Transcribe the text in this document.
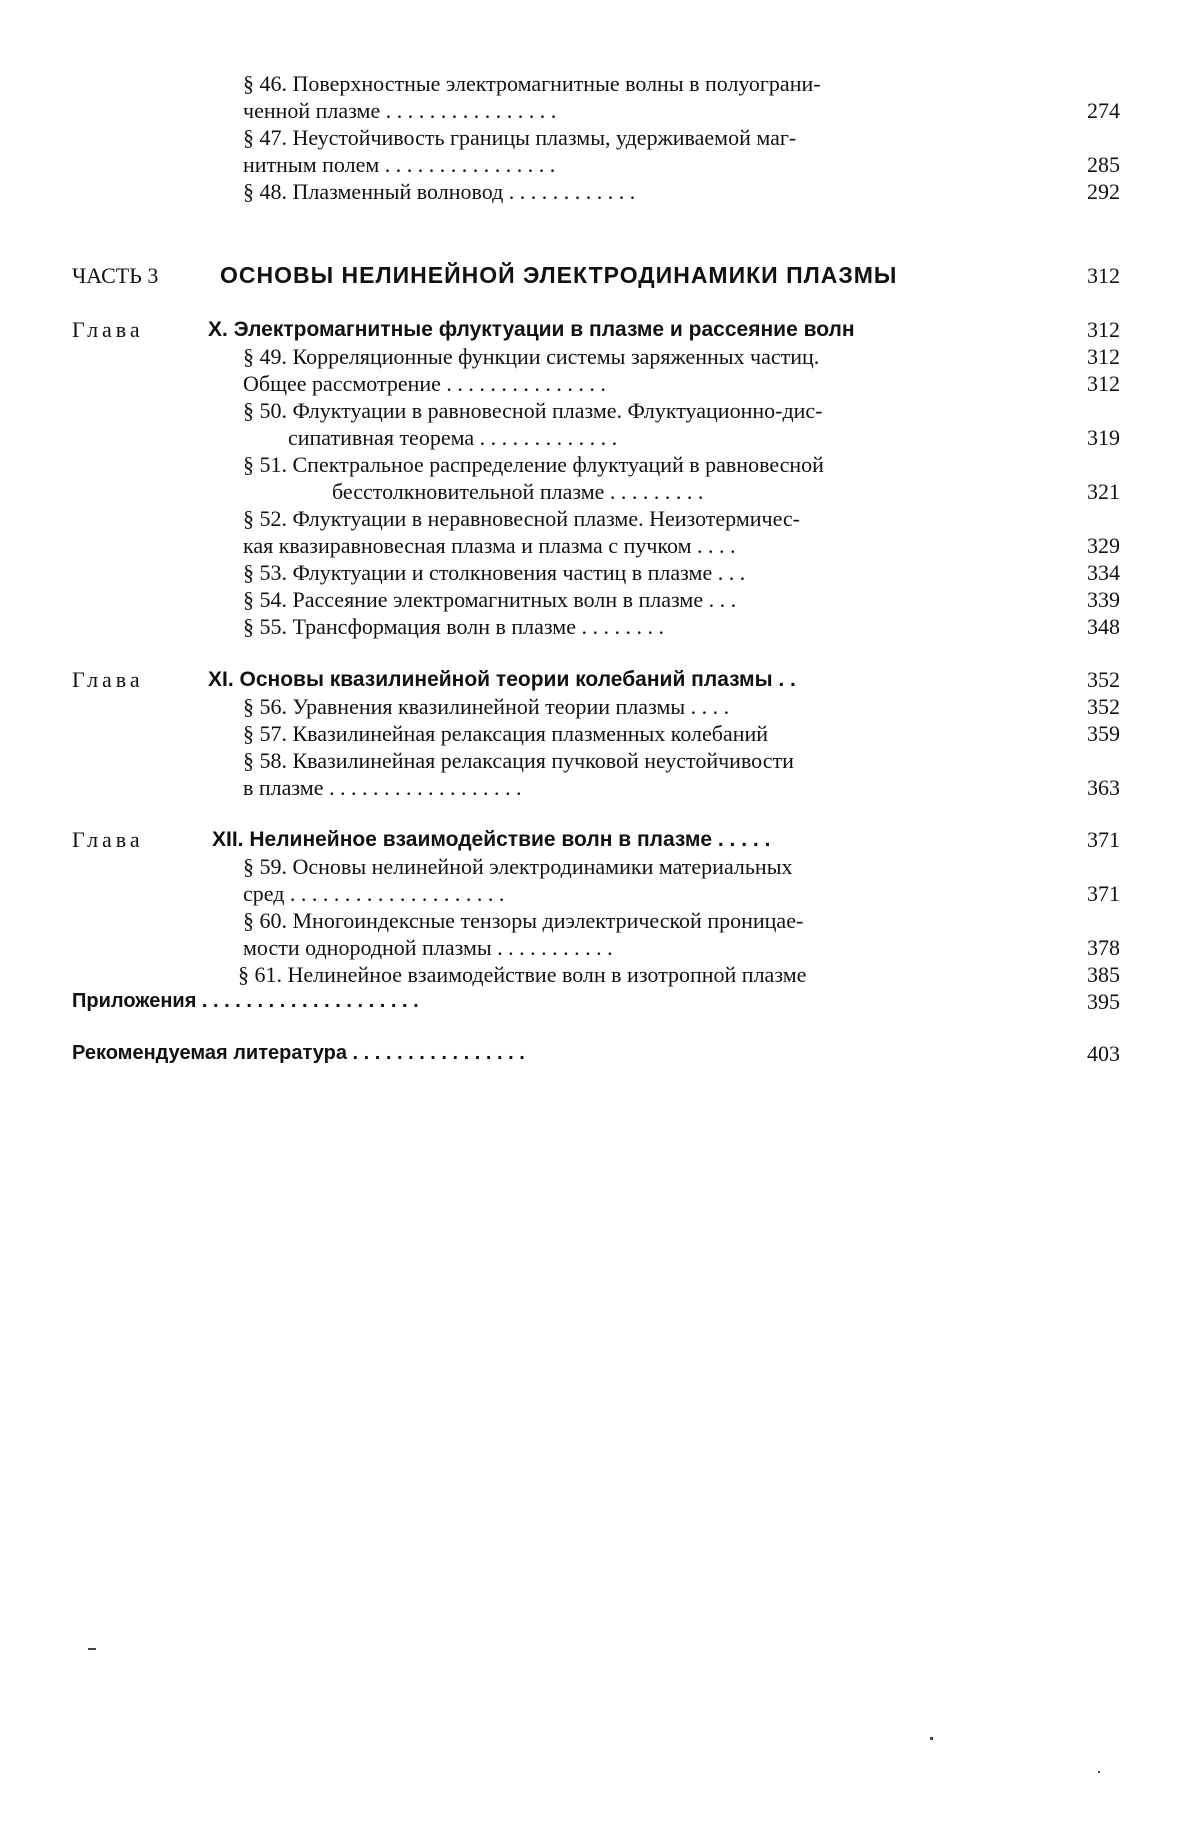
§ 46. Поверхностные электромагнитные волны в полуограни-
ченной плазме . . . . . . . . . . . . . . . .	274
§ 47. Неустойчивость границы плазмы, удерживаемой маг-
нитным полем . . . . . . . . . . . . . . . .	285
§ 48. Плазменный волновод . . . . . . . . . . . .	292
ЧАСТЬ 3	ОСНОВЫ НЕЛИНЕЙНОЙ ЭЛЕКТРОДИНАМИКИ ПЛАЗМЫ	312
Глава	X. Электромагнитные флуктуации в плазме и рассеяние волн	312
§ 49. Корреляционные функции системы заряженных частиц.	312
Общее рассмотрение . . . . . . . . . . . . . . .	312
§ 50. Флуктуации в равновесной плазме. Флуктуационно-дис-
сипативная теорема . . . . . . . . . . . . .	319
§ 51. Спектральное распределение флуктуаций в равновесной
бесстолкновительной плазме . . . . . . . . .	321
§ 52. Флуктуации в неравновесной плазме. Неизотермичес-
кая квазиравновесная плазма и плазма с пучком . . . .	329
§ 53. Флуктуации и столкновения частиц в плазме . . .	334
§ 54. Рассеяние электромагнитных волн в плазме . . .	339
§ 55. Трансформация волн в плазме . . . . . . . .	348
Глава	XI. Основы квазилинейной теории колебаний плазмы . .	352
§ 56. Уравнения квазилинейной теории плазмы . . . .	352
§ 57. Квазилинейная релаксация плазменных колебаний	359
§ 58. Квазилинейная релаксация пучковой неустойчивости
в плазме . . . . . . . . . . . . . . . . . .	363
Глава	XII. Нелинейное взаимодействие волн в плазме . . . . .	371
§ 59. Основы нелинейной электродинамики материальных
сред . . . . . . . . . . . . . . . . . . . .	371
§ 60. Многоиндексные тензоры диэлектрической проницае-
мости однородной плазмы . . . . . . . . . . .	378
§ 61. Нелинейное взаимодействие волн в изотропной плазме	385
Приложения . . . . . . . . . . . . . . . . . . . .	395
Рекомендуемая литература . . . . . . . . . . . . . . . .	403
